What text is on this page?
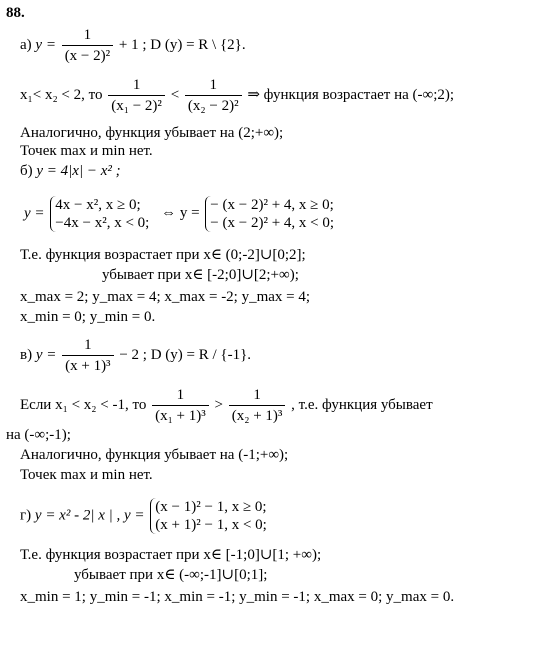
88.
а) $y = \frac{1}{\text{(x − 2)²}} + 1$ ; D (y) = R \ {2}.
x₁< x₂ < 2, то $\frac{1}{\text{(x₁ − 2)²}} < \frac{1}{\text{(x₂ − 2)²}}$ ⇒ функция возрастает на (-∞;2);
Аналогично, функция убывает на (2;+∞);
Точек max и min нет.
б) y = 4|x| − x² ;
y =
4x − x², x ≥ 0;
−4x − x², x < 0;
⇔ y =
− (x − 2)² + 4, x ≥ 0;
− (x − 2)² + 4, x < 0;
Т.е. функция возрастает при x∈ (0;-2]∪[0;2];
убывает при x∈ [-2;0]∪[2;+∞);
x_max = 2; y_max = 4; x_max = -2; y_max = 4;
x_min = 0; y_min = 0.
в) $y = \frac{1}{\text{(x + 1)³}} - 2$ ; D (y) = R / {-1}.
Если x₁ < x₂ < -1, то $\frac{1}{\text{(x₁ + 1)³}} > \frac{1}{\text{(x₂ + 1)³}}$ , т.е. функция убывает
на (-∞;-1);
Аналогично, функция убывает на (-1;+∞);
Точек max и min нет.
г) y = x² - 2| x | , y =
(x − 1)² − 1, x ≥ 0;
(x + 1)² − 1, x < 0;
Т.е. функция возрастает при x∈ [-1;0]∪[1; +∞);
убывает при x∈ (-∞;-1]∪[0;1];
x_min = 1; y_min = -1; x_min = -1; y_min = -1; x_max = 0; y_max = 0.
